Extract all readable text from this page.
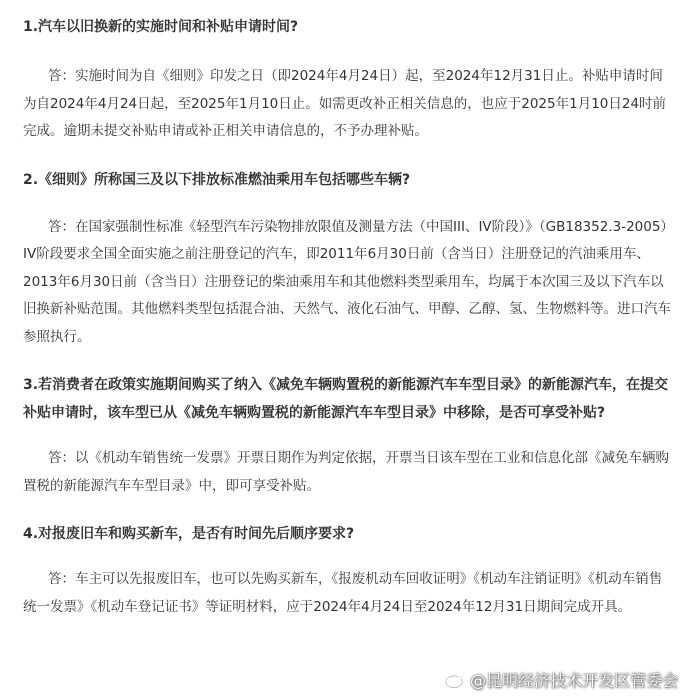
1.汽车以旧换新的实施时间和补贴申请时间?

答：实施时间为自《细则》印发之日（即2024年4月24日）起，至2024年12月31日止。补贴申请时间为自2024年4月24日起，至2025年1月10日止。如需更改补正相关信息的，也应于2025年1月10日24时前完成。逾期未提交补贴申请或补正相关申请信息的，不予办理补贴。

2.《细则》所称国三及以下排放标准燃油乘用车包括哪些车辆?

答：在国家强制性标准《轻型汽车污染物排放限值及测量方法（中国III、IV阶段）》（GB18352.3-2005）IV阶段要求全国全面实施之前注册登记的汽车，即2011年6月30日前（含当日）注册登记的汽油乘用车、2013年6月30日前（含当日）注册登记的柴油乘用车和其他燃料类型乘用车，均属于本次国三及以下汽车以旧换新补贴范围。其他燃料类型包括混合油、天然气、液化石油气、甲醇、乙醇、氢、生物燃料等。进口汽车参照执行。

3.若消费者在政策实施期间购买了纳入《减免车辆购置税的新能源汽车车型目录》的新能源汽车，在提交补贴申请时，该车型已从《减免车辆购置税的新能源汽车车型目录》中移除，是否可享受补贴?

答：以《机动车销售统一发票》开票日期作为判定依据，开票当日该车型在工业和信息化部《减免车辆购置税的新能源汽车车型目录》中，即可享受补贴。

4.对报废旧车和购买新车，是否有时间先后顺序要求?

答：车主可以先报废旧车，也可以先购买新车，《报废机动车回收证明》《机动车注销证明》《机动车销售统一发票》《机动车登记证书》等证明材料，应于2024年4月24日至2024年12月31日期间完成开具。

@昆明经济技术开发区管委会
